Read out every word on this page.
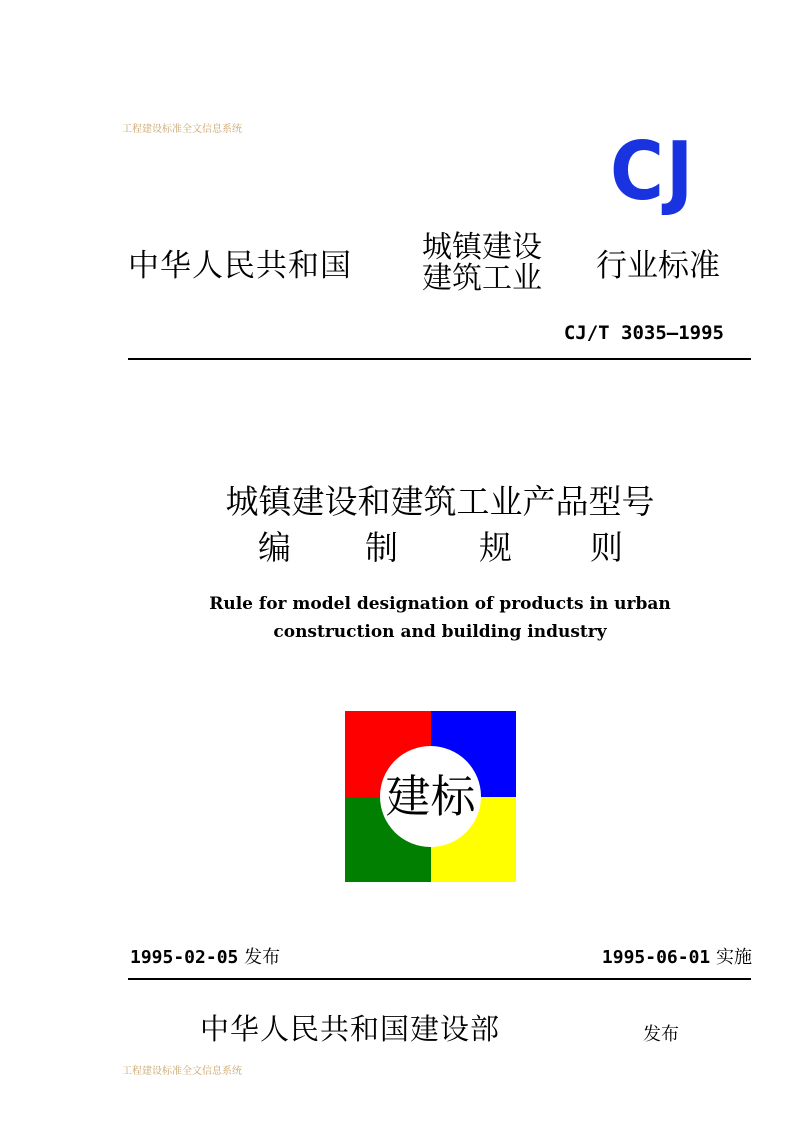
工程建设标准全文信息系统	CJ
中华人民共和国
城镇建设
建筑工业 行业标准
CJ/T 3035—1995
城镇建设和建筑工业产品型号
编 制 规 则
Rule for model designation of products in urban
construction and building industry
建标
1995-02-05 发布	1995-06-01 实施
中华人民共和国建设部	发布
工程建设标准全文信息系统
